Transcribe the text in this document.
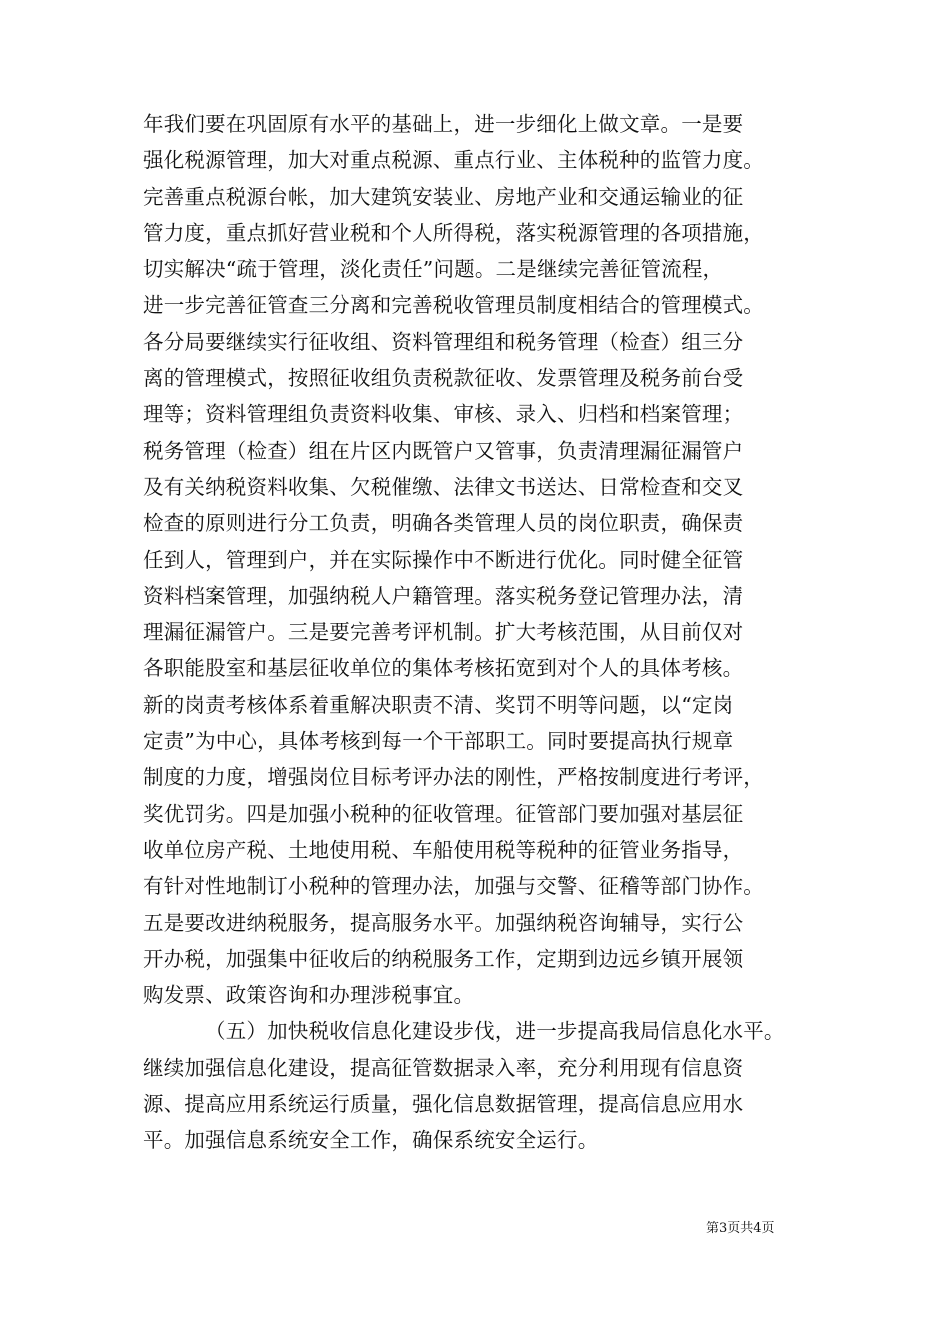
年我们要在巩固原有水平的基础上，进一步细化上做文章。一是要
强化税源管理，加大对重点税源、重点行业、主体税种的监管力度。
完善重点税源台帐，加大建筑安装业、房地产业和交通运输业的征
管力度，重点抓好营业税和个人所得税，落实税源管理的各项措施，
切实解决“疏于管理，淡化责任”问题。二是继续完善征管流程，
进一步完善征管查三分离和完善税收管理员制度相结合的管理模式。
各分局要继续实行征收组、资料管理组和税务管理（检查）组三分
离的管理模式，按照征收组负责税款征收、发票管理及税务前台受
理等；资料管理组负责资料收集、审核、录入、归档和档案管理；
税务管理（检查）组在片区内既管户又管事，负责清理漏征漏管户
及有关纳税资料收集、欠税催缴、法律文书送达、日常检查和交叉
检查的原则进行分工负责，明确各类管理人员的岗位职责，确保责
任到人，管理到户，并在实际操作中不断进行优化。同时健全征管
资料档案管理，加强纳税人户籍管理。落实税务登记管理办法，清
理漏征漏管户。三是要完善考评机制。扩大考核范围，从目前仅对
各职能股室和基层征收单位的集体考核拓宽到对个人的具体考核。
新的岗责考核体系着重解决职责不清、奖罚不明等问题，以“定岗
定责”为中心，具体考核到每一个干部职工。同时要提高执行规章
制度的力度，增强岗位目标考评办法的刚性，严格按制度进行考评，
奖优罚劣。四是加强小税种的征收管理。征管部门要加强对基层征
收单位房产税、土地使用税、车船使用税等税种的征管业务指导，
有针对性地制订小税种的管理办法，加强与交警、征稽等部门协作。
五是要改进纳税服务，提高服务水平。加强纳税咨询辅导，实行公
开办税，加强集中征收后的纳税服务工作，定期到边远乡镇开展领
购发票、政策咨询和办理涉税事宜。
（五）加快税收信息化建设步伐，进一步提高我局信息化水平。
继续加强信息化建设，提高征管数据录入率，充分利用现有信息资
源、提高应用系统运行质量，强化信息数据管理，提高信息应用水
平。加强信息系统安全工作，确保系统安全运行。
第3页共4页
